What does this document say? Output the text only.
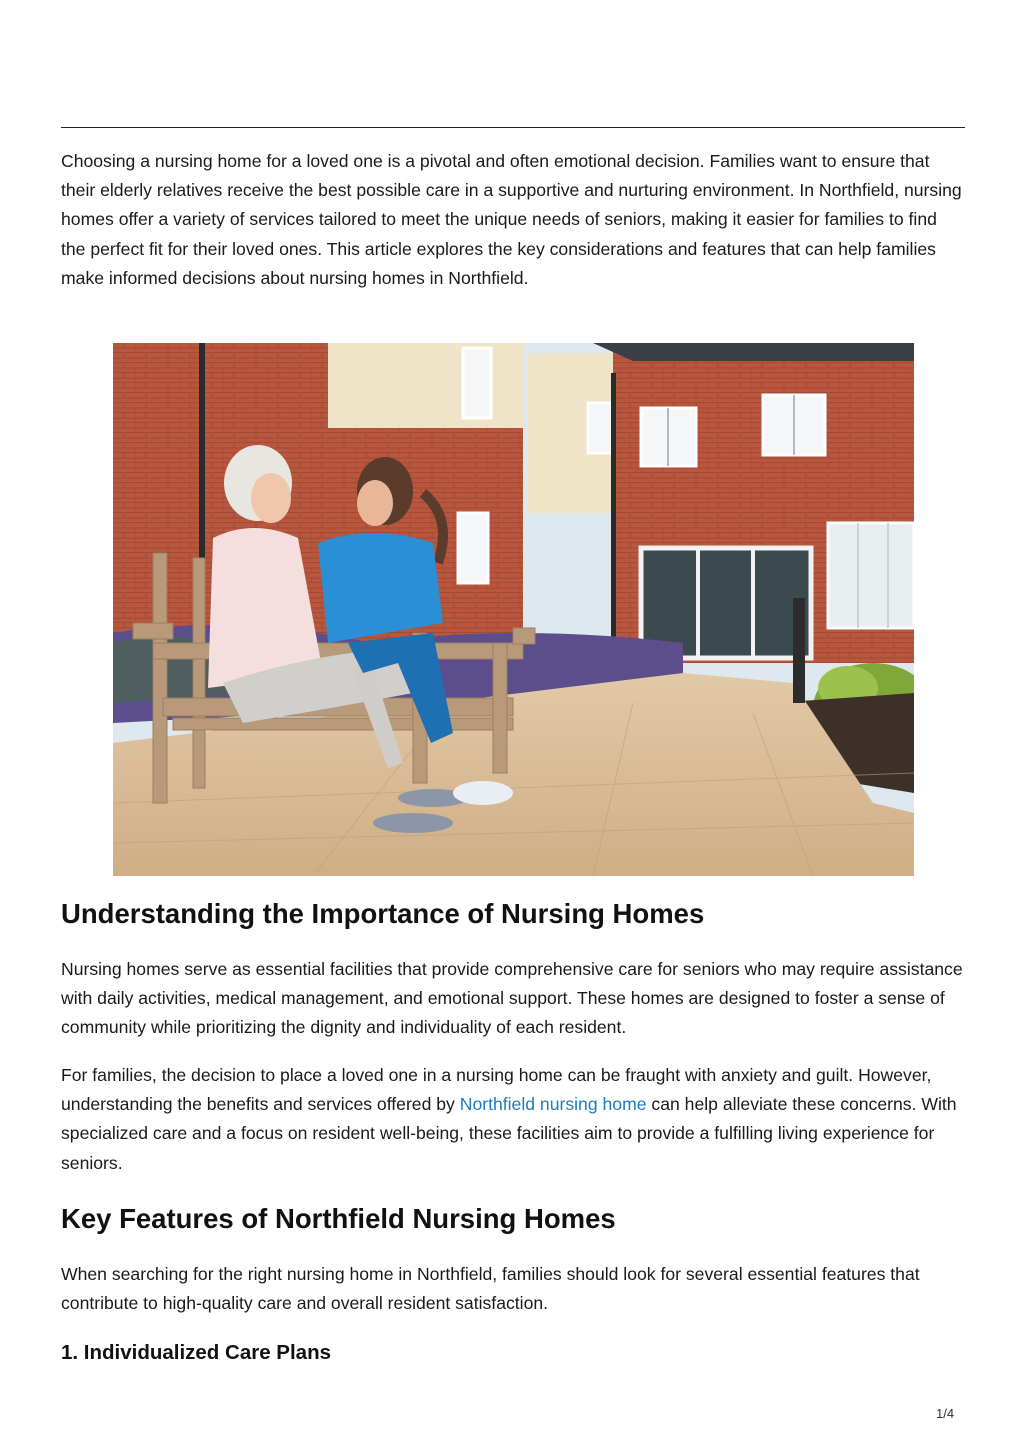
Choosing a nursing home for a loved one is a pivotal and often emotional decision. Families want to ensure that their elderly relatives receive the best possible care in a supportive and nurturing environment. In Northfield, nursing homes offer a variety of services tailored to meet the unique needs of seniors, making it easier for families to find the perfect fit for their loved ones. This article explores the key considerations and features that can help families make informed decisions about nursing homes in Northfield.

Understanding the Importance of Nursing Homes

Nursing homes serve as essential facilities that provide comprehensive care for seniors who may require assistance with daily activities, medical management, and emotional support. These homes are designed to foster a sense of community while prioritizing the dignity and individuality of each resident.

For families, the decision to place a loved one in a nursing home can be fraught with anxiety and guilt. However, understanding the benefits and services offered by Northfield nursing home can help alleviate these concerns. With specialized care and a focus on resident well-being, these facilities aim to provide a fulfilling living experience for seniors.

Key Features of Northfield Nursing Homes

When searching for the right nursing home in Northfield, families should look for several essential features that contribute to high-quality care and overall resident satisfaction.

1. Individualized Care Plans
1/4
